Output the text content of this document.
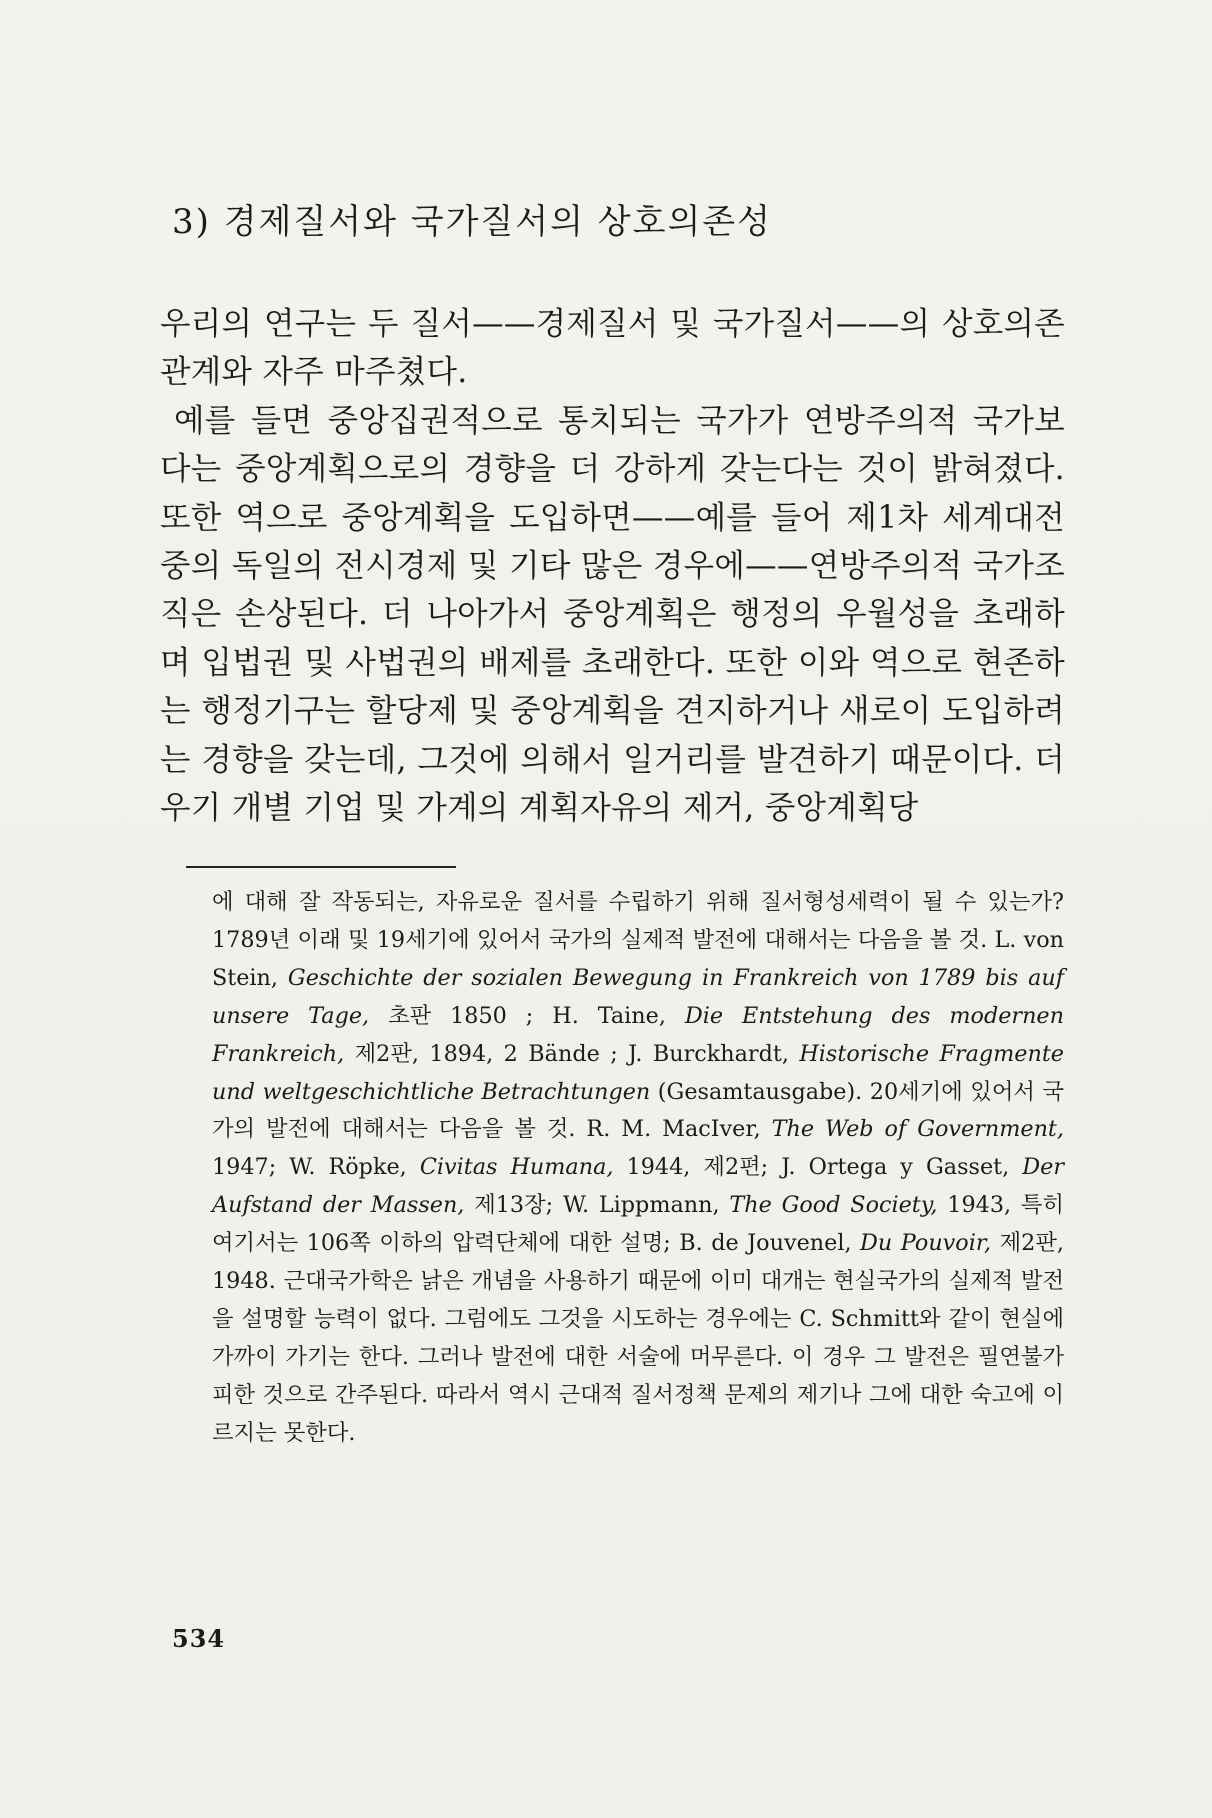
3) 경제질서와 국가질서의 상호의존성

우리의 연구는 두 질서——경제질서 및 국가질서——의 상호의존관계와 자주 마주쳤다.

예를 들면 중앙집권적으로 통치되는 국가가 연방주의적 국가보다는 중앙계획으로의 경향을 더 강하게 갖는다는 것이 밝혀졌다. 또한 역으로 중앙계획을 도입하면——예를 들어 제1차 세계대전중의 독일의 전시경제 및 기타 많은 경우에——연방주의적 국가조직은 손상된다. 더 나아가서 중앙계획은 행정의 우월성을 초래하며 입법권 및 사법권의 배제를 초래한다. 또한 이와 역으로 현존하는 행정기구는 할당제 및 중앙계획을 견지하거나 새로이 도입하려는 경향을 갖는데, 그것에 의해서 일거리를 발견하기 때문이다. 더우기 개별 기업 및 가계의 계획자유의 제거, 중앙계획당

에 대해 잘 작동되는, 자유로운 질서를 수립하기 위해 질서형성세력이 될 수 있는가? 1789년 이래 및 19세기에 있어서 국가의 실제적 발전에 대해서는 다음을 볼 것. L. von Stein, Geschichte der sozialen Bewegung in Frankreich von 1789 bis auf unsere Tage, 초판 1850 ; H. Taine, Die Entstehung des modernen Frankreich, 제2판, 1894, 2 Bände ; J. Burckhardt, Historische Fragmente und weltgeschichtliche Betrachtungen (Gesamtausgabe). 20세기에 있어서 국가의 발전에 대해서는 다음을 볼 것. R. M. MacIver, The Web of Government, 1947; W. Röpke, Civitas Humana, 1944, 제2편; J. Ortega y Gasset, Der Aufstand der Massen, 제13장; W. Lippmann, The Good Society, 1943, 특히 여기서는 106쪽 이하의 압력단체에 대한 설명; B. de Jouvenel, Du Pouvoir, 제2판, 1948. 근대국가학은 낡은 개념을 사용하기 때문에 이미 대개는 현실국가의 실제적 발전을 설명할 능력이 없다. 그럼에도 그것을 시도하는 경우에는 C. Schmitt와 같이 현실에 가까이 가기는 한다. 그러나 발전에 대한 서술에 머무른다. 이 경우 그 발전은 필연불가피한 것으로 간주된다. 따라서 역시 근대적 질서정책 문제의 제기나 그에 대한 숙고에 이르지는 못한다.

534
